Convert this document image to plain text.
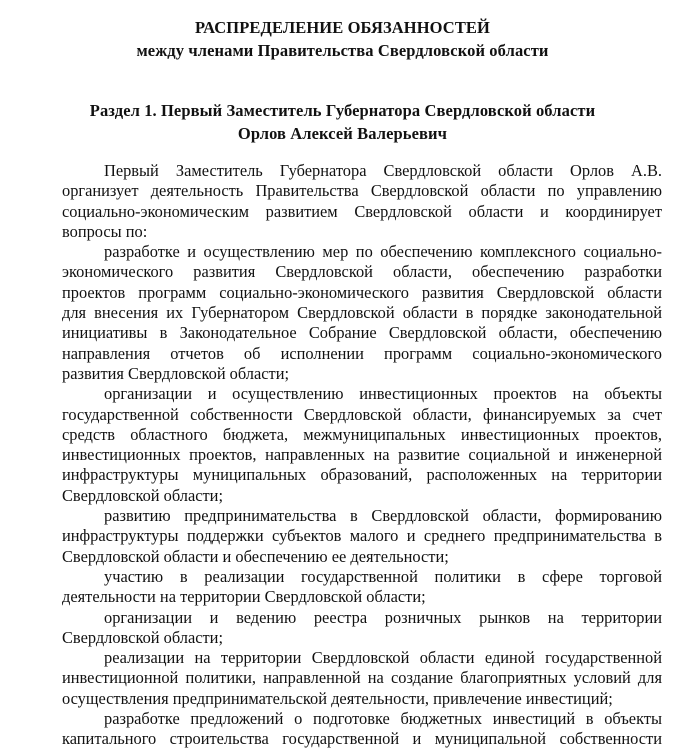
РАСПРЕДЕЛЕНИЕ ОБЯЗАННОСТЕЙ
между членами Правительства Свердловской области
Раздел 1. Первый Заместитель Губернатора Свердловской области
Орлов Алексей Валерьевич
Первый Заместитель Губернатора Свердловской области Орлов А.В.
организует деятельность Правительства Свердловской области по управлению
социально-экономическим развитием Свердловской области и координирует
вопросы по:
разработке и осуществлению мер по обеспечению комплексного социально-
экономического развития Свердловской области, обеспечению разработки
проектов программ социально-экономического развития Свердловской области
для внесения их Губернатором Свердловской области в порядке законодательной
инициативы в Законодательное Собрание Свердловской области, обеспечению
направления отчетов об исполнении программ социально-экономического
развития Свердловской области;
организации и осуществлению инвестиционных проектов на объекты
государственной собственности Свердловской области, финансируемых за счет
средств областного бюджета, межмуниципальных инвестиционных проектов,
инвестиционных проектов, направленных на развитие социальной и инженерной
инфраструктуры муниципальных образований, расположенных на территории
Свердловской области;
развитию предпринимательства в Свердловской области, формированию
инфраструктуры поддержки субъектов малого и среднего предпринимательства в
Свердловской области и обеспечению ее деятельности;
участию в реализации государственной политики в сфере торговой
деятельности на территории Свердловской области;
организации и ведению реестра розничных рынков на территории
Свердловской области;
реализации на территории Свердловской области единой государственной
инвестиционной политики, направленной на создание благоприятных условий для
осуществления предпринимательской деятельности, привлечение инвестиций;
разработке предложений о подготовке бюджетных инвестиций в объекты
капитального строительства государственной и муниципальной собственности
